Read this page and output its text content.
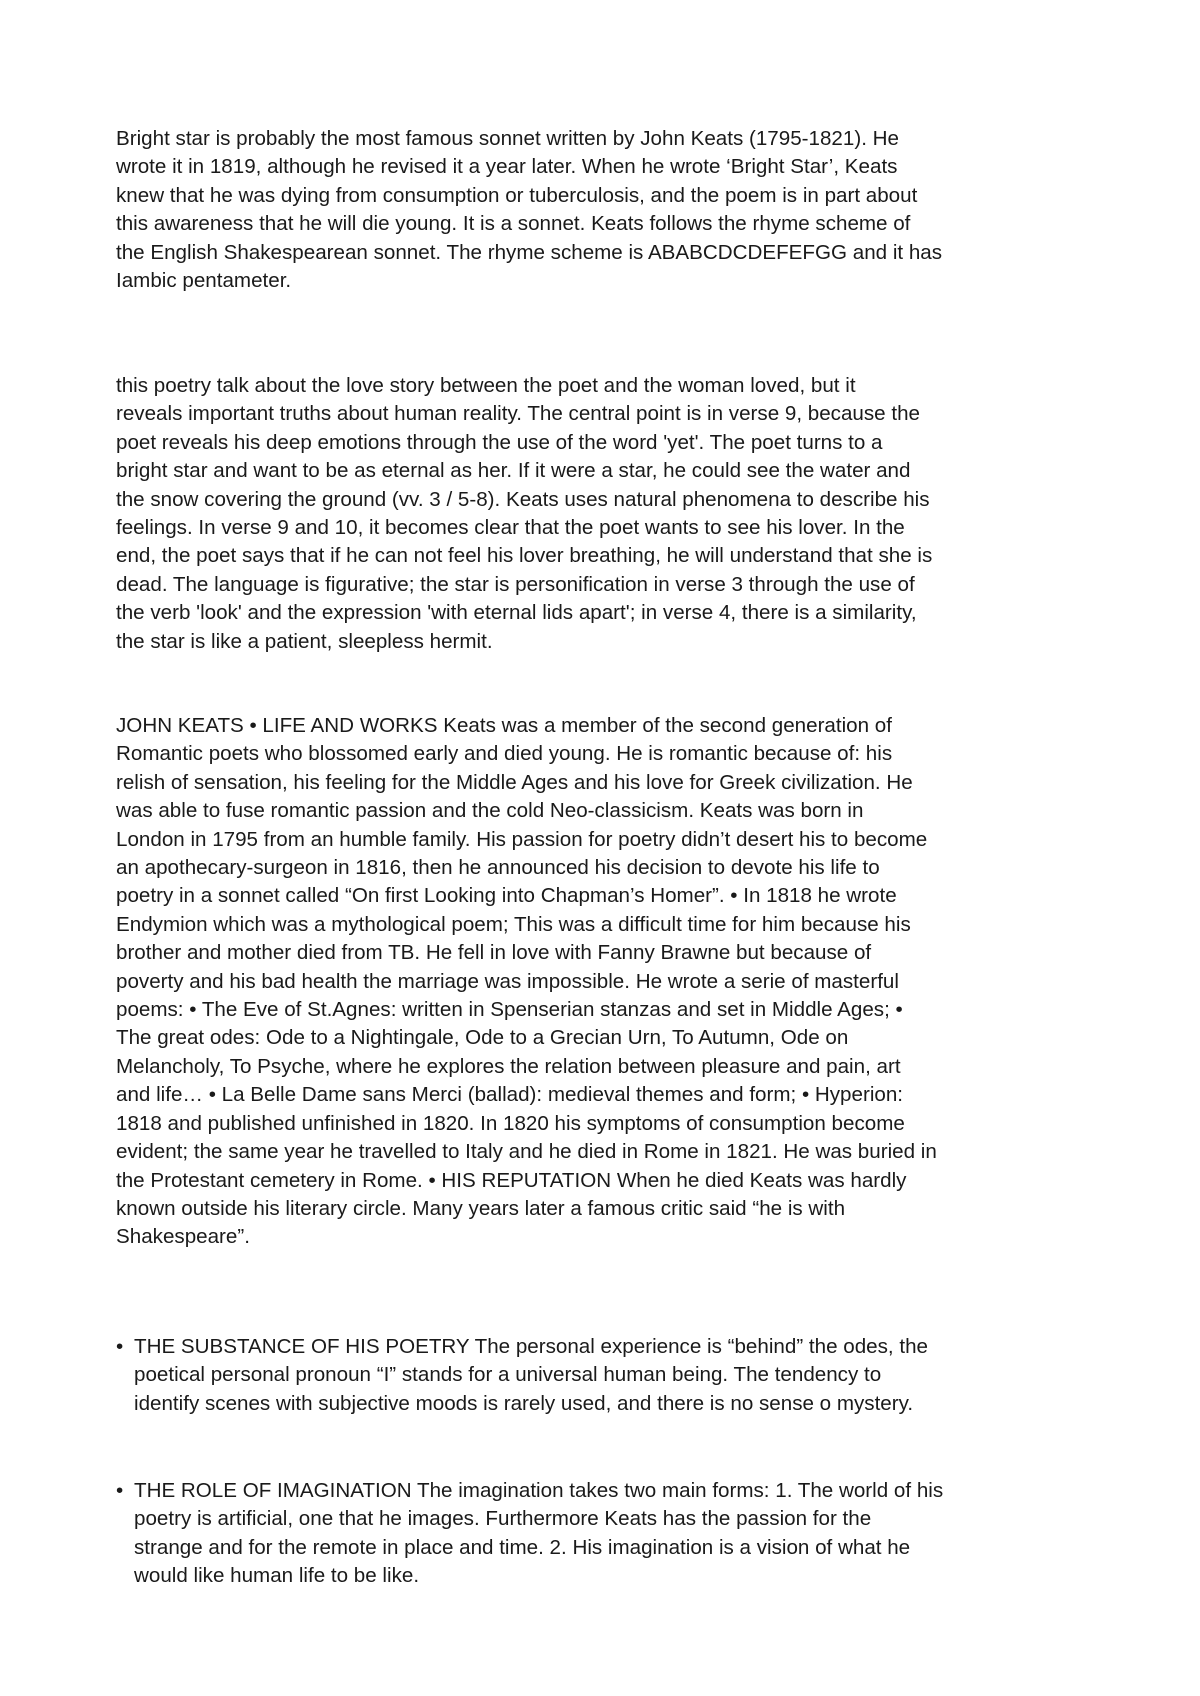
Bright star is probably the most famous sonnet written by John Keats (1795-1821). He
wrote it in 1819, although he revised it a year later. When he wrote ‘Bright Star’, Keats
knew that he was dying from consumption or tuberculosis, and the poem is in part about
this awareness that he will die young. It is a sonnet. Keats follows the rhyme scheme of
the English Shakespearean sonnet. The rhyme scheme is ABABCDCDEFEFGG and it has
Iambic pentameter.

this poetry talk about the love story between the poet and the woman loved, but it
reveals important truths about human reality. The central point is in verse 9, because the
poet reveals his deep emotions through the use of the word 'yet'. The poet turns to a
bright star and want to be as eternal as her. If it were a star, he could see the water and
the snow covering the ground (vv. 3 / 5-8). Keats uses natural phenomena to describe his
feelings. In verse 9 and 10, it becomes clear that the poet wants to see his lover. In the
end, the poet says that if he can not feel his lover breathing, he will understand that she is
dead. The language is figurative; the star is personification in verse 3 through the use of
the verb 'look' and the expression 'with eternal lids apart'; in verse 4, there is a similarity,
the star is like a patient, sleepless hermit.

JOHN KEATS • LIFE AND WORKS Keats was a member of the second generation of
Romantic poets who blossomed early and died young. He is romantic because of: his
relish of sensation, his feeling for the Middle Ages and his love for Greek civilization. He
was able to fuse romantic passion and the cold Neo-classicism. Keats was born in
London in 1795 from an humble family. His passion for poetry didn’t desert his to become
an apothecary-surgeon in 1816, then he announced his decision to devote his life to
poetry in a sonnet called “On first Looking into Chapman’s Homer”. • In 1818 he wrote
Endymion which was a mythological poem; This was a difficult time for him because his
brother and mother died from TB. He fell in love with Fanny Brawne but because of
poverty and his bad health the marriage was impossible. He wrote a serie of masterful
poems: • The Eve of St.Agnes: written in Spenserian stanzas and set in Middle Ages; •
The great odes: Ode to a Nightingale, Ode to a Grecian Urn, To Autumn, Ode on
Melancholy, To Psyche, where he explores the relation between pleasure and pain, art
and life… • La Belle Dame sans Merci (ballad): medieval themes and form; • Hyperion:
1818 and published unfinished in 1820. In 1820 his symptoms of consumption become
evident; the same year he travelled to Italy and he died in Rome in 1821. He was buried in
the Protestant cemetery in Rome. • HIS REPUTATION When he died Keats was hardly
known outside his literary circle. Many years later a famous critic said “he is with
Shakespeare”.

• THE SUBSTANCE OF HIS POETRY The personal experience is “behind” the odes, the
poetical personal pronoun “I” stands for a universal human being. The tendency to
identify scenes with subjective moods is rarely used, and there is no sense o mystery.
• THE ROLE OF IMAGINATION The imagination takes two main forms: 1. The world of his
poetry is artificial, one that he images. Furthermore Keats has the passion for the
strange and for the remote in place and time. 2. His imagination is a vision of what he
would like human life to be like.
